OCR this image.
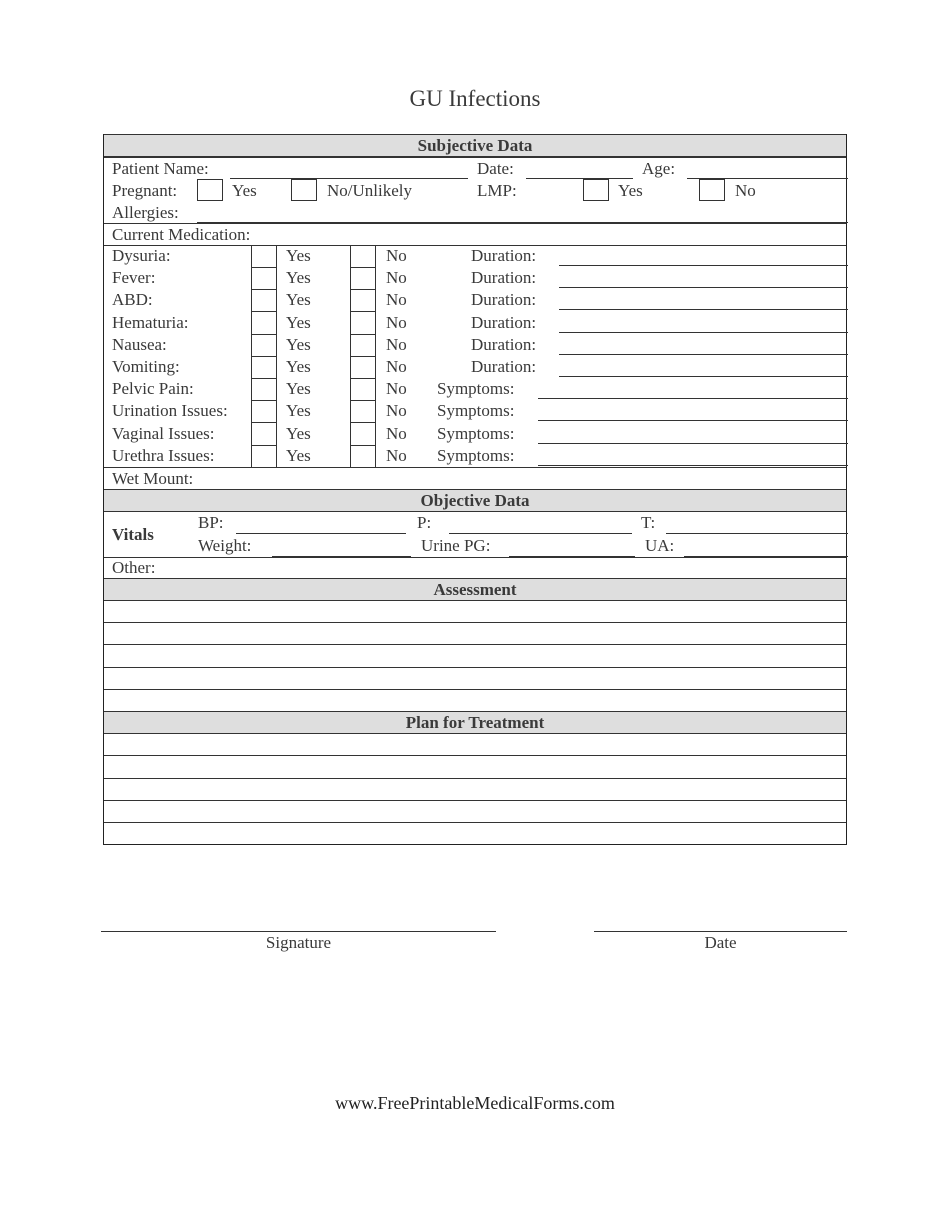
GU Infections
Subjective Data
Patient Name:	Date:	Age:
Pregnant:	Yes	No/Unlikely	LMP:	Yes	No
Allergies:
Current Medication:
Dysuria:	Yes	No	Duration:
Fever:	Yes	No	Duration:
ABD:	Yes	No	Duration:
Hematuria:	Yes	No	Duration:
Nausea:	Yes	No	Duration:
Vomiting:	Yes	No	Duration:
Pelvic Pain:	Yes	No Symptoms:
Urination Issues:	Yes	No Symptoms:
Vaginal Issues:	Yes	No Symptoms:
Urethra Issues:	Yes	No Symptoms:
Wet Mount:
Objective Data
Vitals
BP:	P:	T:
Weight:	Urine PG:	UA:
Other:
Assessment
Plan for Treatment
Signature	Date
www.FreePrintableMedicalForms.com
